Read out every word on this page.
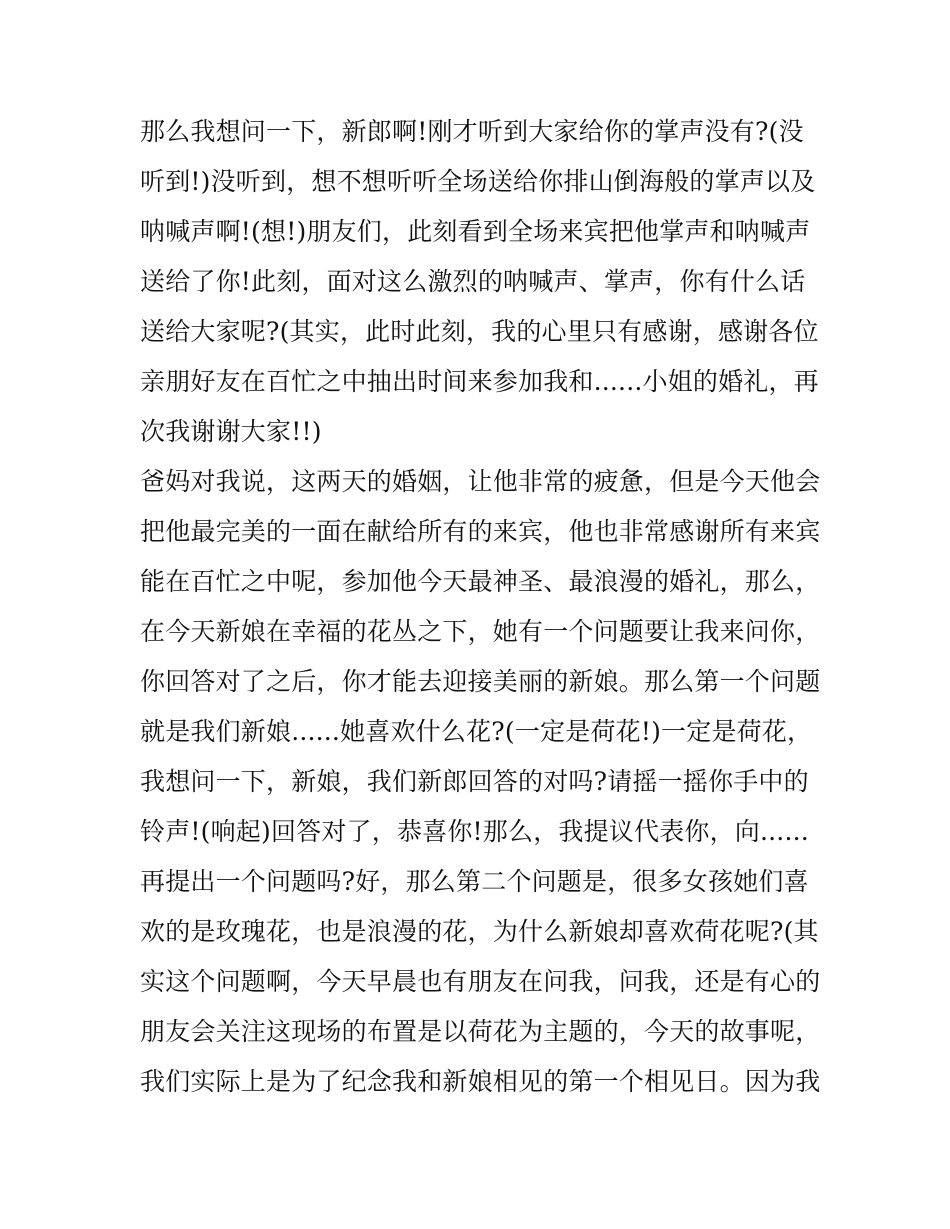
那么我想问一下，新郎啊!刚才听到大家给你的掌声没有?(没
听到!)没听到，想不想听听全场送给你排山倒海般的掌声以及
呐喊声啊!(想!)朋友们，此刻看到全场来宾把他掌声和呐喊声
送给了你!此刻，面对这么激烈的呐喊声、掌声，你有什么话
送给大家呢?(其实，此时此刻，我的心里只有感谢，感谢各位
亲朋好友在百忙之中抽出时间来参加我和......小姐的婚礼，再
次我谢谢大家!!)
爸妈对我说，这两天的婚姻，让他非常的疲惫，但是今天他会
把他最完美的一面在献给所有的来宾，他也非常感谢所有来宾
能在百忙之中呢，参加他今天最神圣、最浪漫的婚礼，那么，
在今天新娘在幸福的花丛之下，她有一个问题要让我来问你，
你回答对了之后，你才能去迎接美丽的新娘。那么第一个问题
就是我们新娘......她喜欢什么花?(一定是荷花!)一定是荷花，
我想问一下，新娘，我们新郎回答的对吗?请摇一摇你手中的
铃声!(响起)回答对了，恭喜你!那么，我提议代表你，向......
再提出一个问题吗?好，那么第二个问题是，很多女孩她们喜
欢的是玫瑰花，也是浪漫的花，为什么新娘却喜欢荷花呢?(其
实这个问题啊，今天早晨也有朋友在问我，问我，还是有心的
朋友会关注这现场的布置是以荷花为主题的，今天的故事呢，
我们实际上是为了纪念我和新娘相见的第一个相见日。因为我
